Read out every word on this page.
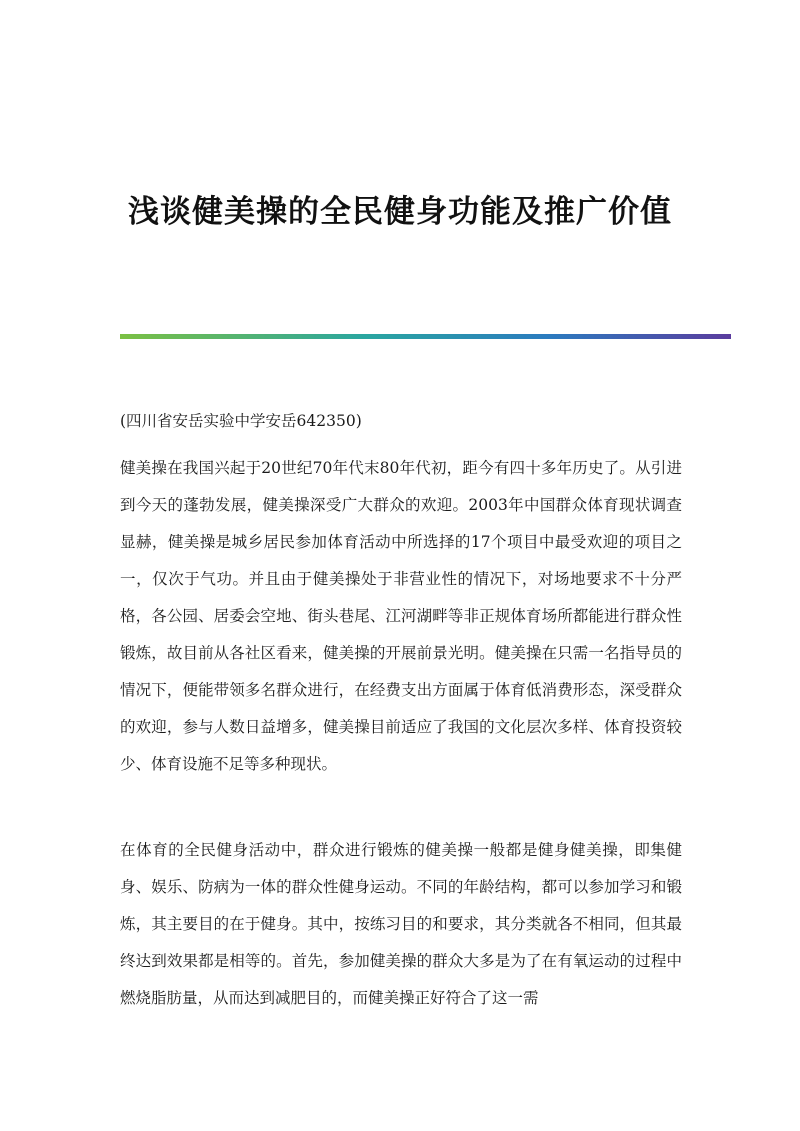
浅谈健美操的全民健身功能及推广价值

(四川省安岳实验中学安岳642350)

健美操在我国兴起于20世纪70年代末80年代初，距今有四十多年历史了。从引进到今天的蓬勃发展，健美操深受广大群众的欢迎。2003年中国群众体育现状调查显赫，健美操是城乡居民参加体育活动中所选择的17个项目中最受欢迎的项目之一，仅次于气功。并且由于健美操处于非营业性的情况下，对场地要求不十分严格，各公园、居委会空地、街头巷尾、江河湖畔等非正规体育场所都能进行群众性锻炼，故目前从各社区看来，健美操的开展前景光明。健美操在只需一名指导员的情况下，便能带领多名群众进行，在经费支出方面属于体育低消费形态，深受群众的欢迎，参与人数日益增多，健美操目前适应了我国的文化层次多样、体育投资较少、体育设施不足等多种现状。

在体育的全民健身活动中，群众进行锻炼的健美操一般都是健身健美操，即集健身、娱乐、防病为一体的群众性健身运动。不同的年龄结构，都可以参加学习和锻炼，其主要目的在于健身。其中，按练习目的和要求，其分类就各不相同，但其最终达到效果都是相等的。首先，参加健美操的群众大多是为了在有氧运动的过程中燃烧脂肪量，从而达到减肥目的，而健美操正好符合了这一需
